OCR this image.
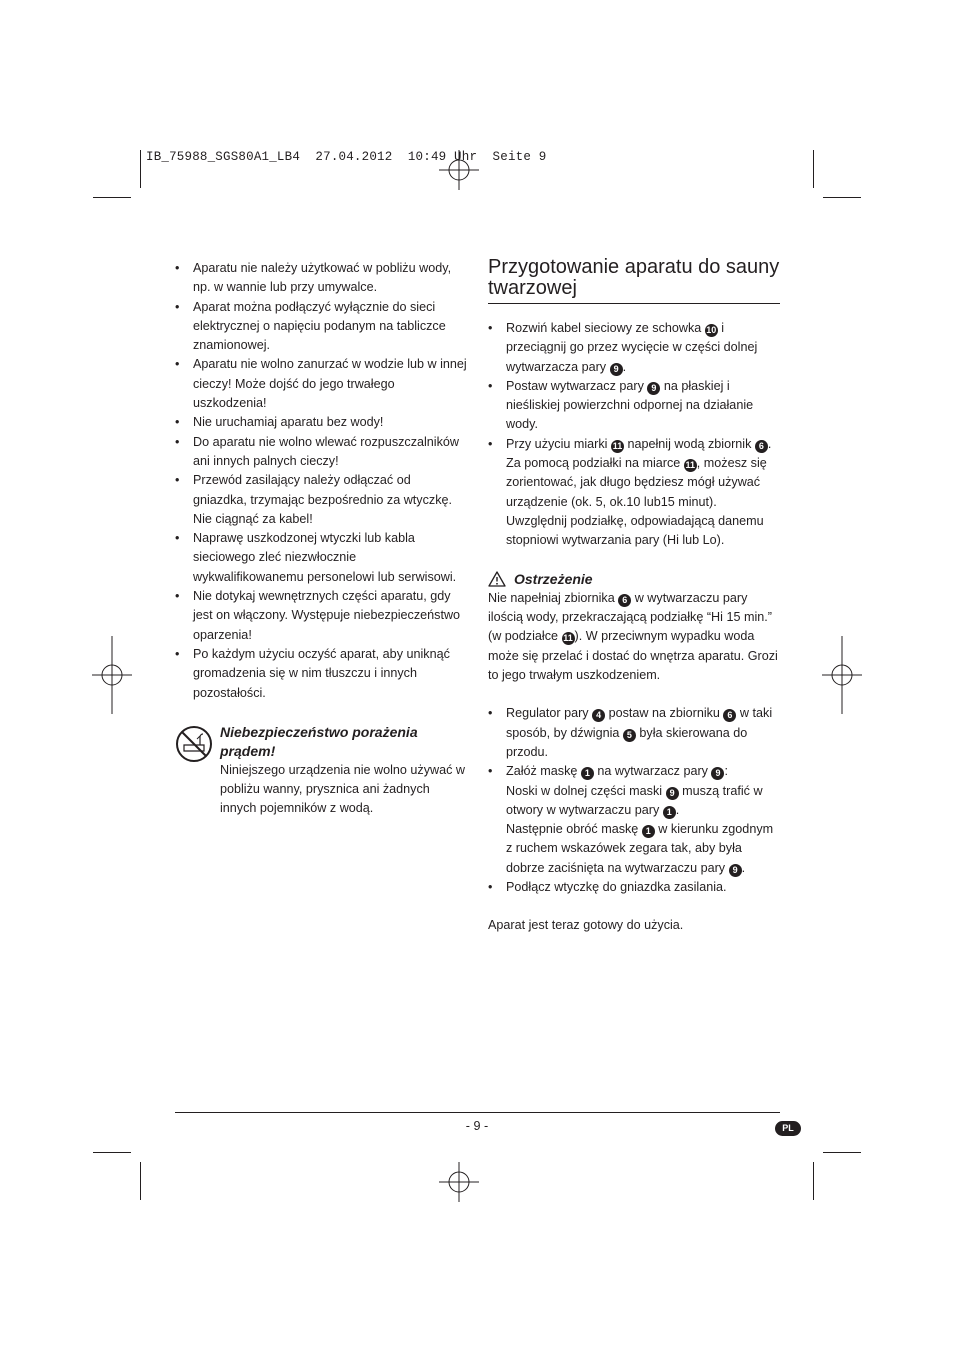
IB_75988_SGS80A1_LB4  27.04.2012  10:49 Uhr  Seite 9
• Aparatu nie należy użytkować w pobliżu wody, np. w wannie lub przy umywalce.
• Aparat można podłączyć wyłącznie do sieci elektrycznej o napięciu podanym na tabliczce znamionowej.
• Aparatu nie wolno zanurzać w wodzie lub w innej cieczy! Może dojść do jego trwałego uszkodzenia!
• Nie uruchamiaj aparatu bez wody!
• Do aparatu nie wolno wlewać rozpuszczalników ani innych palnych cieczy!
• Przewód zasilający należy odłączać od gniazdka, trzymając bezpośrednio za wtyczkę. Nie ciągnąć za kabel!
• Naprawę uszkodzonej wtyczki lub kabla sieciowego zleć niezwłocznie wykwalifikowanemu personelowi lub serwisowi.
• Nie dotykaj wewnętrznych części aparatu, gdy jest on włączony. Występuje niebezpieczeństwo oparzenia!
• Po każdym użyciu oczyść aparat, aby uniknąć gromadzenia się w nim tłuszczu i innych pozostałości.
Niebezpieczeństwo porażenia prądem!
Niniejszego urządzenia nie wolno używać w pobliżu wanny, prysznica ani żadnych innych pojemników z wodą.
Przygotowanie aparatu do sauny twarzowej
• Rozwiń kabel sieciowy ze schowka 10 i przeciągnij go przez wycięcie w części dolnej wytwarzacza pary 9 .
• Postaw wytwarzacz pary 9 na płaskiej i nieśliskiej powierzchni odpornej na działanie wody.
• Przy użyciu miarki 11 napełnij wodą zbiornik 6 . Za pomocą podziałki na miarce 11 , możesz się zorientować, jak długo będziesz mógł używać urządzenie (ok. 5, ok.10 lub15 minut). Uwzględnij podziałkę, odpowiadającą danemu stopniowi wytwarzania pary (Hi lub Lo).
Ostrzeżenie
Nie napełniaj zbiornika 6 w wytwarzaczu pary ilością wody, przekraczającą podziałkę “Hi 15 min.” (w podziałce 11 ). W przeciwnym wypadku woda może się przelać i dostać do wnętrza aparatu. Grozi to jego trwałym uszkodzeniem.
• Regulator pary 4 postaw na zbiorniku 6 w taki sposób, by dźwignia 5 była skierowana do przodu.
• Załóż maskę 1 na wytwarzacz pary 9 :
Noski w dolnej części maski 9 muszą trafić w otwory w wytwarzaczu pary 1 .
Następnie obróć maskę 1 w kierunku zgodnym z ruchem wskazówek zegara tak, aby była dobrze zaciśnięta na wytwarzaczu pary 9 .
• Podłącz wtyczkę do gniazdka zasilania.
Aparat jest teraz gotowy do użycia.
- 9 -	PL
